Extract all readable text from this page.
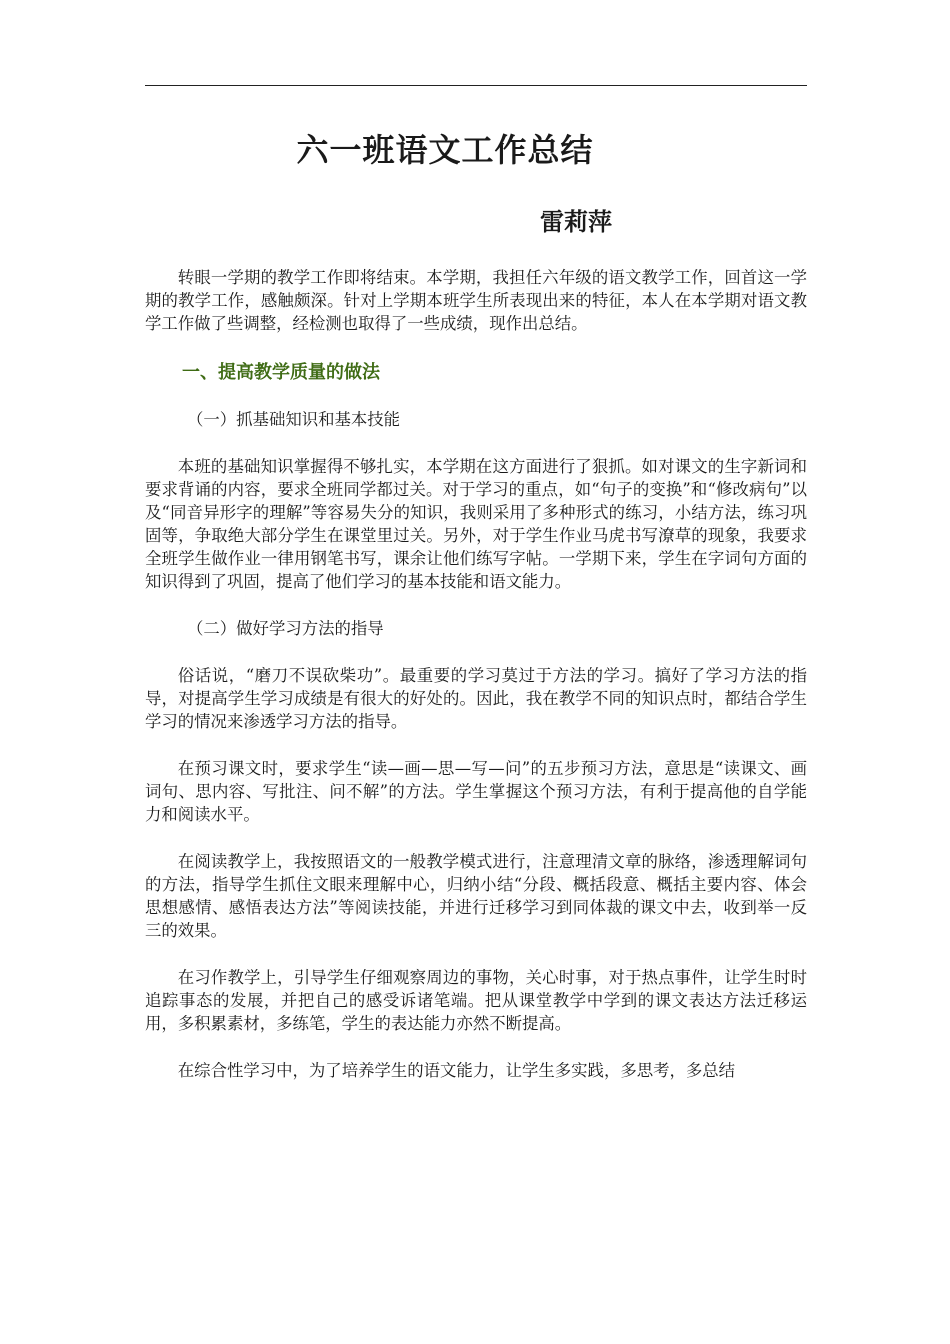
六一班语文工作总结
雷莉萍

转眼一学期的教学工作即将结束。本学期，我担任六年级的语文教学工作，回首这一学期的教学工作，感触颇深。针对上学期本班学生所表现出来的特征，本人在本学期对语文教学工作做了些调整，经检测也取得了一些成绩，现作出总结。

一、提高教学质量的做法

（一）抓基础知识和基本技能

本班的基础知识掌握得不够扎实，本学期在这方面进行了狠抓。如对课文的生字新词和要求背诵的内容，要求全班同学都过关。对于学习的重点，如“句子的变换”和“修改病句”以及“同音异形字的理解”等容易失分的知识，我则采用了多种形式的练习，小结方法，练习巩固等，争取绝大部分学生在课堂里过关。另外，对于学生作业马虎书写潦草的现象，我要求全班学生做作业一律用钢笔书写，课余让他们练写字帖。一学期下来，学生在字词句方面的知识得到了巩固，提高了他们学习的基本技能和语文能力。

（二）做好学习方法的指导

俗话说，“磨刀不误砍柴功”。最重要的学习莫过于方法的学习。搞好了学习方法的指导，对提高学生学习成绩是有很大的好处的。因此，我在教学不同的知识点时，都结合学生学习的情况来渗透学习方法的指导。

在预习课文时，要求学生“读—画—思—写—问”的五步预习方法，意思是“读课文、画词句、思内容、写批注、问不解”的方法。学生掌握这个预习方法，有利于提高他的自学能力和阅读水平。

在阅读教学上，我按照语文的一般教学模式进行，注意理清文章的脉络，渗透理解词句的方法，指导学生抓住文眼来理解中心，归纳小结“分段、概括段意、概括主要内容、体会思想感情、感悟表达方法”等阅读技能，并进行迁移学习到同体裁的课文中去，收到举一反三的效果。

在习作教学上，引导学生仔细观察周边的事物，关心时事，对于热点事件，让学生时时追踪事态的发展，并把自己的感受诉诸笔端。把从课堂教学中学到的课文表达方法迁移运用，多积累素材，多练笔，学生的表达能力亦然不断提高。

在综合性学习中，为了培养学生的语文能力，让学生多实践，多思考，多总结
